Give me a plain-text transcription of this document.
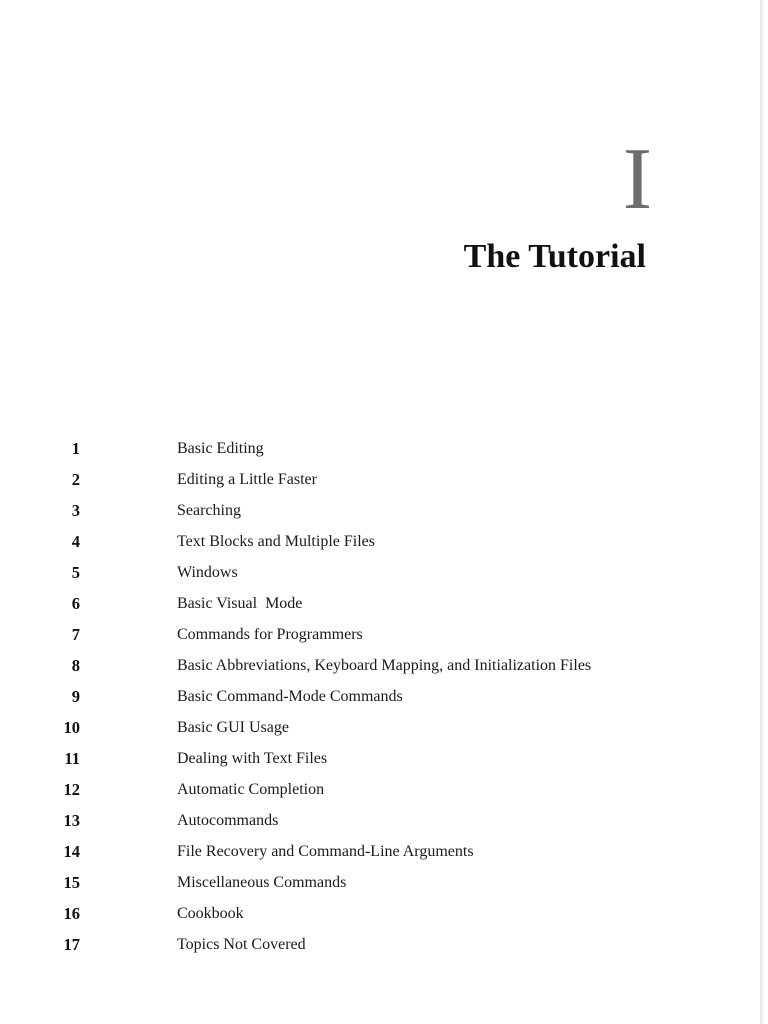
I
The Tutorial
1	Basic Editing
2	Editing a Little Faster
3	Searching
4	Text Blocks and Multiple Files
5	Windows
6	Basic Visual  Mode
7	Commands for Programmers
8	Basic Abbreviations, Keyboard Mapping, and Initialization Files
9	Basic Command-Mode Commands
10	Basic GUI Usage
11	Dealing with Text Files
12	Automatic Completion
13	Autocommands
14	File Recovery and Command-Line Arguments
15	Miscellaneous Commands
16	Cookbook
17	Topics Not Covered
